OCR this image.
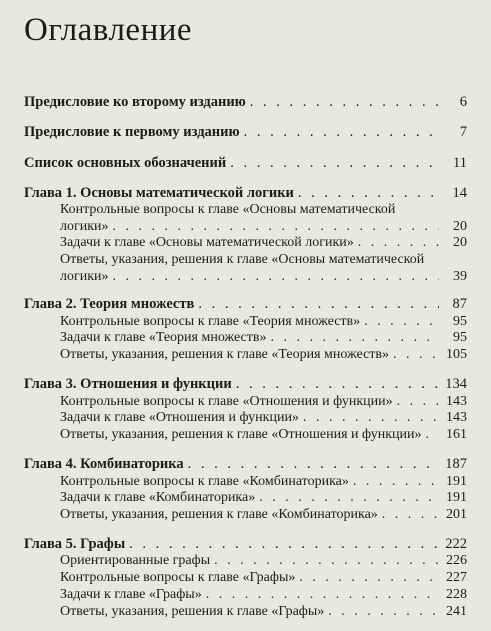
Оглавление
Предисловие ко второму изданию . . .	6
Предисловие к первому изданию . . .	7
Список основных обозначений . . .	11
Глава 1. Основы математической логики . . .	14
Контрольные вопросы к главе «Основы математической
логики» . . .	20
Задачи к главе «Основы математической логики» . . .	20
Ответы, указания, решения к главе «Основы математической
логики» . . .	39
Глава 2. Теория множеств . . .	87
Контрольные вопросы к главе «Теория множеств» . . .	95
Задачи к главе «Теория множеств» . . .	95
Ответы, указания, решения к главе «Теория множеств» . . .	105
Глава 3. Отношения и функции . . .	134
Контрольные вопросы к главе «Отношения и функции» . . .	143
Задачи к главе «Отношения и функции» . . .	143
Ответы, указания, решения к главе «Отношения и функции» . . . 161
Глава 4. Комбинаторика . . .	187
Контрольные вопросы к главе «Комбинаторика» . . .	191
Задачи к главе «Комбинаторика» . . .	191
Ответы, указания, решения к главе «Комбинаторика» . . .	201
Глава 5. Графы . . .	222
Ориентированные графы . . .	226
Контрольные вопросы к главе «Графы» . . .	227
Задачи к главе «Графы» . . .	228
Ответы, указания, решения к главе «Графы» . . .	241
